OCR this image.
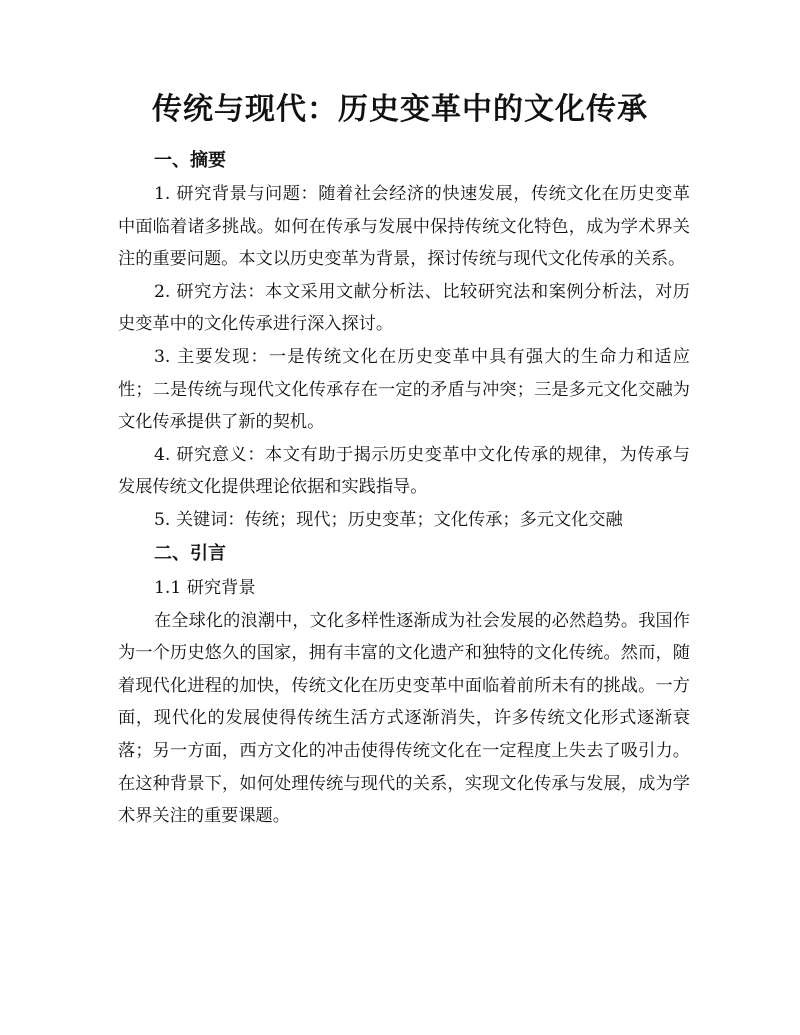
传统与现代：历史变革中的文化传承

一、摘要

1. 研究背景与问题：随着社会经济的快速发展，传统文化在历史变革中面临着诸多挑战。如何在传承与发展中保持传统文化特色，成为学术界关注的重要问题。本文以历史变革为背景，探讨传统与现代文化传承的关系。

2. 研究方法：本文采用文献分析法、比较研究法和案例分析法，对历史变革中的文化传承进行深入探讨。

3. 主要发现：一是传统文化在历史变革中具有强大的生命力和适应性；二是传统与现代文化传承存在一定的矛盾与冲突；三是多元文化交融为文化传承提供了新的契机。

4. 研究意义：本文有助于揭示历史变革中文化传承的规律，为传承与发展传统文化提供理论依据和实践指导。

5. 关键词：传统；现代；历史变革；文化传承；多元文化交融

二、引言

1.1 研究背景

在全球化的浪潮中，文化多样性逐渐成为社会发展的必然趋势。我国作为一个历史悠久的国家，拥有丰富的文化遗产和独特的文化传统。然而，随着现代化进程的加快，传统文化在历史变革中面临着前所未有的挑战。一方面，现代化的发展使得传统生活方式逐渐消失，许多传统文化形式逐渐衰落；另一方面，西方文化的冲击使得传统文化在一定程度上失去了吸引力。在这种背景下，如何处理传统与现代的关系，实现文化传承与发展，成为学术界关注的重要课题。
